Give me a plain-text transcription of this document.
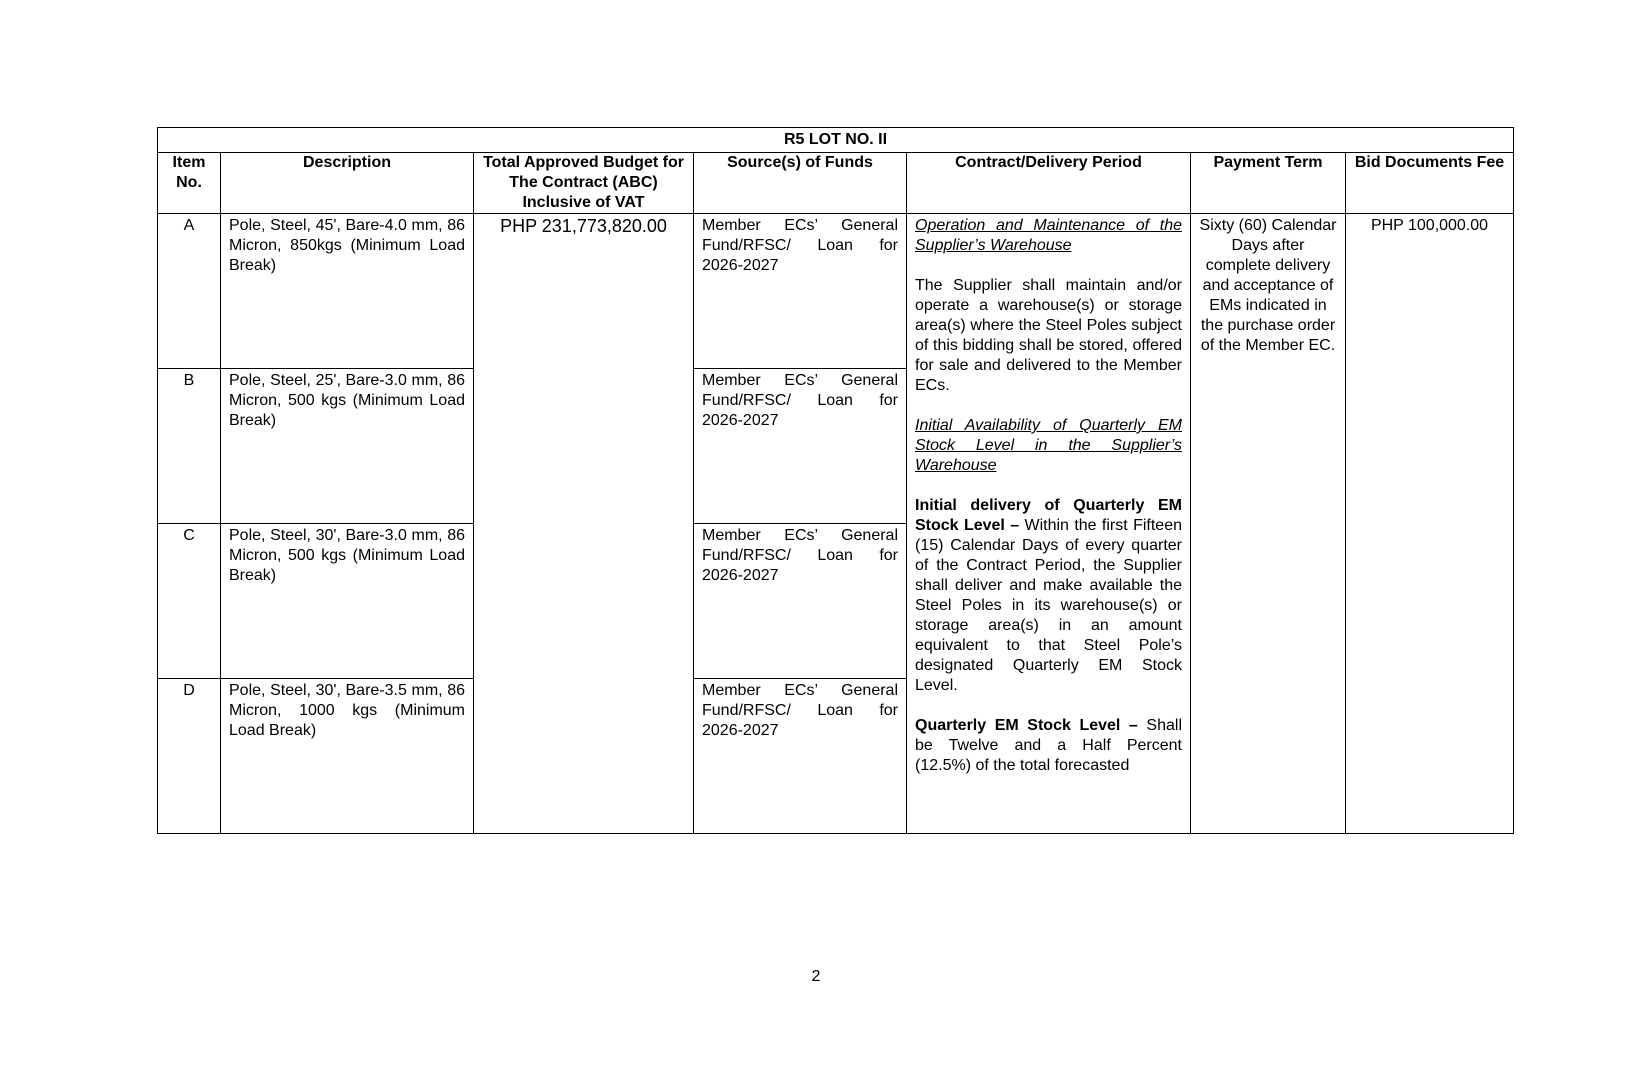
R5 LOT NO. II						
Item No.	Description	Total Approved Budget for The Contract (ABC) Inclusive of VAT	Source(s) of Funds	Contract/Delivery Period	Payment Term	Bid Documents Fee
A	Pole, Steel, 45', Bare-4.0 mm, 86 Micron, 850kgs (Minimum Load Break)	PHP 231,773,820.00	Member ECs’ General Fund/RFSC/ Loan for 2026-2027	Operation and Maintenance of the Supplier’s Warehouse
The Supplier shall maintain and/or operate a warehouse(s) or storage area(s) where the Steel Poles subject of this bidding shall be stored, offered for sale and delivered to the Member ECs.
Initial Availability of Quarterly EM Stock Level in the Supplier’s Warehouse
Initial delivery of Quarterly EM Stock Level – Within the first Fifteen (15) Calendar Days of every quarter of the Contract Period, the Supplier shall deliver and make available the Steel Poles in its warehouse(s) or storage area(s) in an amount equivalent to that Steel Pole’s designated Quarterly EM Stock Level.
Quarterly EM Stock Level – Shall be Twelve and a Half Percent (12.5%) of the total forecasted	Sixty (60) Calendar Days after complete delivery and acceptance of EMs indicated in the purchase order of the Member EC.	PHP 100,000.00
B	Pole, Steel, 25', Bare-3.0 mm, 86 Micron, 500 kgs (Minimum Load Break)		Member ECs’ General Fund/RFSC/ Loan for 2026-2027			
C	Pole, Steel, 30', Bare-3.0 mm, 86 Micron, 500 kgs (Minimum Load Break)		Member ECs’ General Fund/RFSC/ Loan for 2026-2027			
D	Pole, Steel, 30', Bare-3.5 mm, 86 Micron, 1000 kgs (Minimum Load Break)		Member ECs’ General Fund/RFSC/ Loan for 2026-2027			
2
